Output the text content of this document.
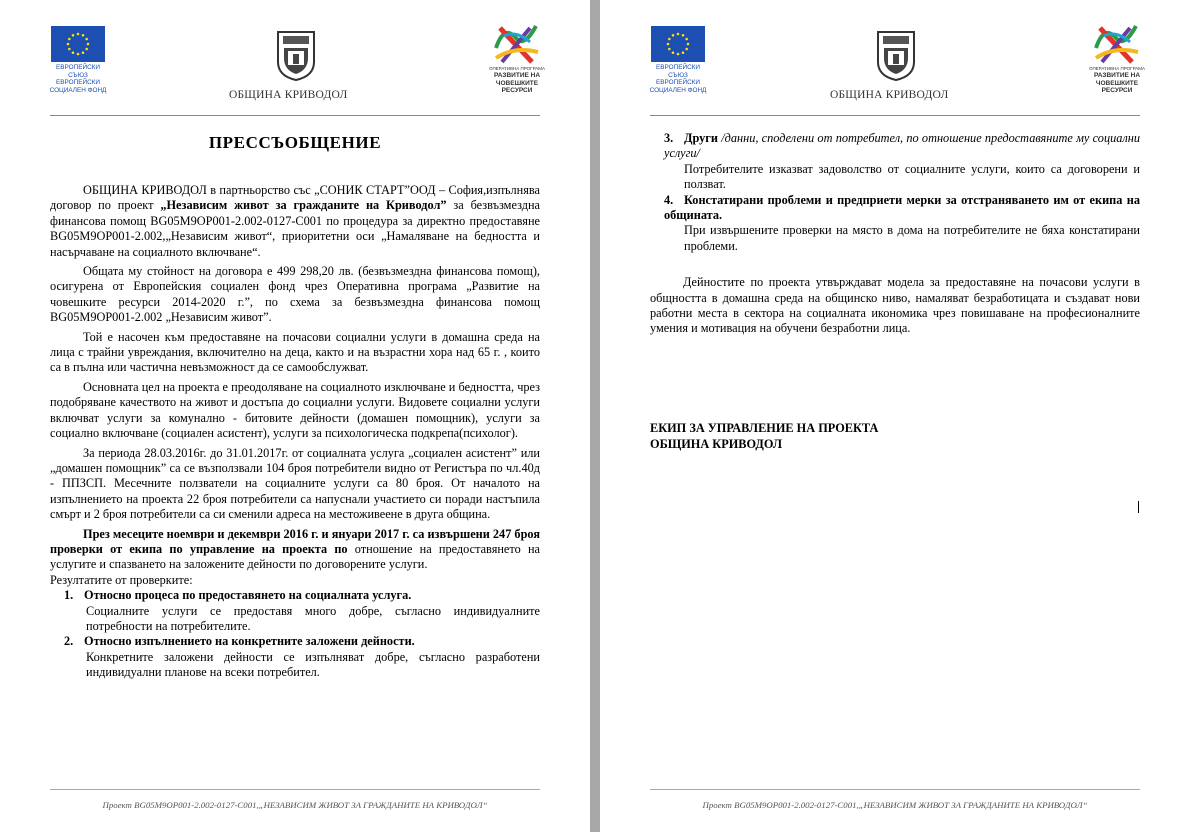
ЕВРОПЕЙСКИ СЪЮЗ
ЕВРОПЕЙСКИ
СОЦИАЛЕН ФОНД	ОБЩИНА КРИВОДОЛ
ОПЕРАТИВНА ПРОГРАМА
РАЗВИТИЕ НА
ЧОВЕШКИТЕ РЕСУРСИ
ПРЕССЪОБЩЕНИЕ

ОБЩИНА КРИВОДОЛ в партньорство със „СОНИК СТАРТ”ООД – София,изпълнява договор по проект „Независим живот за гражданите на Криводол” за безвъзмездна финансова помощ BG05M9OP001-2.002-0127-C001 по процедура за директно предоставяне BG05M9OP001-2.002,„Независим живот“, приоритетни оси „Намаляване на бедността и насърчаване на социалното включване“.

Общата му стойност на договора е 499 298,20 лв. (безвъзмездна финансова помощ), осигурена от Европейския социален фонд чрез Оперативна програма „Развитие на човешките ресурси 2014-2020 г.”, по схема за безвъзмездна финансова помощ BG05M9OP001-2.002 „Независим живот”.

Той е насочен към предоставяне на почасови социални услуги в домашна среда на лица с трайни увреждания, включително на деца, както и на възрастни хора над 65 г. , които са в пълна или частична невъзможност да се самообслужват.

Основната цел на проекта е преодоляване на социалното изключване и бедността, чрез подобряване качеството на живот и достъпа до социални услуги. Видовете социални услуги включват услуги за комунално - битовите дейности (домашен помощник), услуги за социално включване (социален асистент), услуги за психологическа подкрепа(психолог).

За периода 28.03.2016г. до 31.01.2017г. от социалната услуга „социален асистент” или „домашен помощник” са се възползвали 104 броя потребители видно от Регистъра по чл.40д - ППЗСП. Месечните ползватели на социалните услуги са 80 броя. От началото на изпълнението на проекта 22 броя потребители са напуснали участието си поради настъпила смърт и 2 броя потребители са си сменили адреса на местоживеене в друга община.

През месеците ноември и декември 2016 г. и януари 2017 г. са извършени 247 броя проверки от екипа по управление на проекта по отношение на предоставянето на услугите и спазването на заложените дейности по договорените услуги.

Резултатите от проверките:

1. Относно процеса по предоставянето на социалната услуга.

Социалните услуги се предоставя много добре, съгласно индивидуалните потребности на потребителите.

2. Относно изпълнението на конкретните заложени дейности.

Конкретните заложени дейности се изпълняват добре, съгласно разработени индивидуални планове на всеки потребител.

Проект BG05M9OP001-2.002-0127-C001,„НЕЗАВИСИМ ЖИВОТ ЗА ГРАЖДАНИТЕ НА КРИВОДОЛ“
ЕВРОПЕЙСКИ СЪЮЗ
ЕВРОПЕЙСКИ
СОЦИАЛЕН ФОНД	ОБЩИНА КРИВОДОЛ
ОПЕРАТИВНА ПРОГРАМА
РАЗВИТИЕ НА
ЧОВЕШКИТЕ РЕСУРСИ
Проект BG05M9OP001-2.002-0127-C001,„НЕЗАВИСИМ ЖИВОТ ЗА ГРАЖДАНИТЕ НА КРИВОДОЛ“

3. Други /данни, споделени от потребител, по отношение предоставяните му социални услуги/

Потребителите изказват задоволство от социалните услуги, които са договорени и ползват.

4. Констатирани проблеми и предприети мерки за отстраняването им от екипа на общината.

При извършените проверки на място в дома на потребителите не бяха констатирани проблеми.

Дейностите по проекта утвърждават модела за предоставяне на почасови услуги в общността в домашна среда на общинско ниво, намаляват безработицата и създават нови работни места в сектора на социалната икономика чрез повишаване на професионалните умения и мотивация на обучени безработни лица.

ЕКИП ЗА УПРАВЛЕНИЕ НА ПРОЕКТА
ОБЩИНА КРИВОДОЛ
